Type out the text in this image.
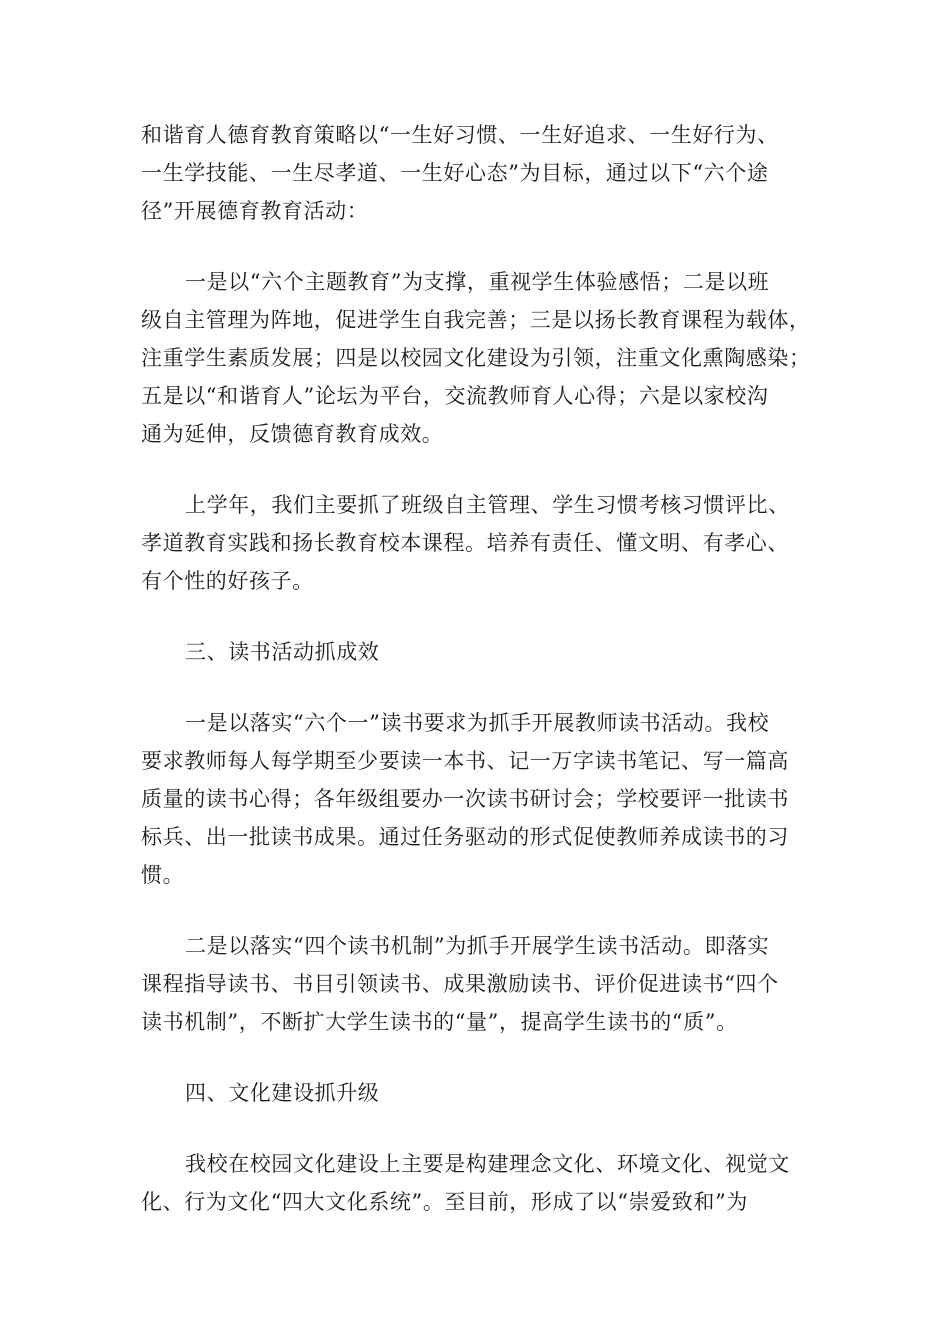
和谐育人德育教育策略以“一生好习惯、一生好追求、一生好行为、
一生学技能、一生尽孝道、一生好心态”为目标，通过以下“六个途
径”开展德育教育活动：
一是以“六个主题教育”为支撑，重视学生体验感悟；二是以班
级自主管理为阵地，促进学生自我完善；三是以扬长教育课程为载体，
注重学生素质发展；四是以校园文化建设为引领，注重文化熏陶感染；
五是以“和谐育人”论坛为平台，交流教师育人心得；六是以家校沟
通为延伸，反馈德育教育成效。
上学年，我们主要抓了班级自主管理、学生习惯考核习惯评比、
孝道教育实践和扬长教育校本课程。培养有责任、懂文明、有孝心、
有个性的好孩子。
三、读书活动抓成效
一是以落实“六个一”读书要求为抓手开展教师读书活动。我校
要求教师每人每学期至少要读一本书、记一万字读书笔记、写一篇高
质量的读书心得；各年级组要办一次读书研讨会；学校要评一批读书
标兵、出一批读书成果。通过任务驱动的形式促使教师养成读书的习
惯。
二是以落实“四个读书机制”为抓手开展学生读书活动。即落实
课程指导读书、书目引领读书、成果激励读书、评价促进读书“四个
读书机制”，不断扩大学生读书的“量”，提高学生读书的“质”。
四、文化建设抓升级
我校在校园文化建设上主要是构建理念文化、环境文化、视觉文
化、行为文化“四大文化系统”。至目前，形成了以“崇爱致和”为
